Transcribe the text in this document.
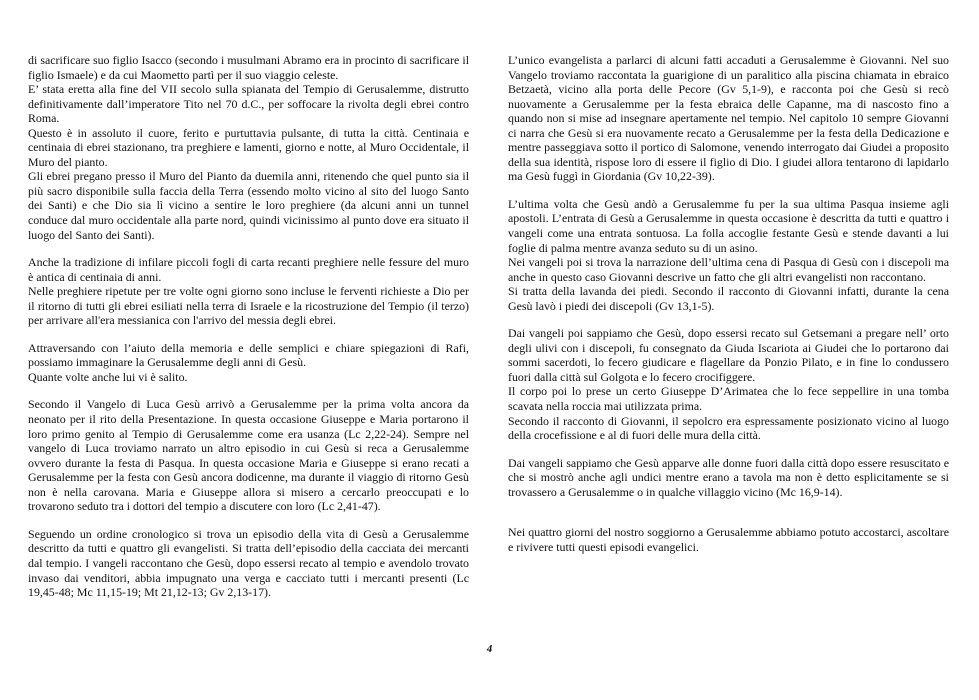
di sacrificare suo figlio Isacco (secondo i musulmani Abramo era in procinto di sacrificare il figlio Ismaele) e da cui Maometto partì per il suo viaggio celeste.

E’ stata eretta alla fine del VII secolo sulla spianata del Tempio di Gerusalemme, distrutto definitivamente dall’imperatore Tito nel 70 d.C., per soffocare la rivolta degli ebrei contro Roma.

Questo è in assoluto il cuore, ferito e purtuttavia pulsante, di tutta la città. Centinaia e centinaia di ebrei stazionano, tra preghiere e lamenti, giorno e notte, al Muro Occidentale, il Muro del pianto.

Gli ebrei pregano presso il Muro del Pianto da duemila anni, ritenendo che quel punto sia il più sacro disponibile sulla faccia della Terra (essendo molto vicino al sito del luogo Santo dei Santi) e che Dio sia lì vicino a sentire le loro preghiere (da alcuni anni un tunnel conduce dal muro occidentale alla parte nord, quindi vicinissimo al punto dove era situato il luogo del Santo dei Santi).

Anche la tradizione di infilare piccoli fogli di carta recanti preghiere nelle fessure del muro è antica di centinaia di anni.

Nelle preghiere ripetute per tre volte ogni giorno sono incluse le ferventi richieste a Dio per il ritorno di tutti gli ebrei esiliati nella terra di Israele e la ricostruzione del Tempio (il terzo) per arrivare all'era messianica con l'arrivo del messia degli ebrei.

Attraversando con l’aiuto della memoria e delle semplici e chiare spiegazioni di Rafi, possiamo immaginare la Gerusalemme degli anni di Gesù.

Quante volte anche lui vi è salito.

Secondo il Vangelo di Luca Gesù arrivò a Gerusalemme per la prima volta ancora da neonato per il rito della Presentazione. In questa occasione Giuseppe e Maria portarono il loro primo genito al Tempio di Gerusalemme come era usanza (Lc 2,22-24). Sempre nel vangelo di Luca troviamo narrato un altro episodio in cui Gesù si reca a Gerusalemme ovvero durante la festa di Pasqua. In questa occasione Maria e Giuseppe si erano recati a Gerusalemme per la festa con Gesù ancora dodicenne, ma durante il viaggio di ritorno Gesù non è nella carovana. Maria e Giuseppe allora si misero a cercarlo preoccupati e lo trovarono seduto tra i dottori del tempio a discutere con loro (Lc 2,41-47).

Seguendo un ordine cronologico si trova un episodio della vita di Gesù a Gerusalemme descritto da tutti e quattro gli evangelisti. Si tratta dell’episodio della cacciata dei mercanti dal tempio. I vangeli raccontano che Gesù, dopo essersi recato al tempio e avendolo trovato invaso dai venditori, abbia impugnato una verga e cacciato tutti i mercanti presenti (Lc 19,45-48; Mc 11,15-19; Mt 21,12-13; Gv 2,13-17).

L’unico evangelista a parlarci di alcuni fatti accaduti a Gerusalemme è Giovanni. Nel suo Vangelo troviamo raccontata la guarigione di un paralitico alla piscina chiamata in ebraico Betzaetà, vicino alla porta delle Pecore (Gv 5,1-9), e racconta poi che Gesù si recò nuovamente a Gerusalemme per la festa ebraica delle Capanne, ma di nascosto fino a quando non si mise ad insegnare apertamente nel tempio. Nel capitolo 10 sempre Giovanni ci narra che Gesù si era nuovamente recato a Gerusalemme per la festa della Dedicazione e mentre passeggiava sotto il portico di Salomone, venendo interrogato dai Giudei a proposito della sua identità, rispose loro di essere il figlio di Dio. I giudei allora tentarono di lapidarlo ma Gesù fuggì in Giordania (Gv 10,22-39).

L’ultima volta che Gesù andò a Gerusalemme fu per la sua ultima Pasqua insieme agli apostoli. L’entrata di Gesù a Gerusalemme in questa occasione è descritta da tutti e quattro i vangeli come una entrata sontuosa. La folla accoglie festante Gesù e stende davanti a lui foglie di palma mentre avanza seduto su di un asino.

Nei vangeli poi si trova la narrazione dell’ultima cena di Pasqua di Gesù con i discepoli ma anche in questo caso Giovanni descrive un fatto che gli altri evangelisti non raccontano.

Si tratta della lavanda dei piedi. Secondo il racconto di Giovanni infatti, durante la cena Gesù lavò i piedi dei discepoli (Gv 13,1-5).

Dai vangeli poi sappiamo che Gesù, dopo essersi recato sul Getsemani a pregare nell’ orto degli ulivi con i discepoli, fu consegnato da Giuda Iscariota ai Giudei che lo portarono dai sommi sacerdoti, lo fecero giudicare e flagellare da Ponzio Pilato, e in fine lo condussero fuori dalla città sul Golgota e lo fecero crocifiggere.

Il corpo poi lo prese un certo Giuseppe D’Arimatea che lo fece seppellire in una tomba scavata nella roccia mai utilizzata prima.

Secondo il racconto di Giovanni, il sepolcro era espressamente posizionato vicino al luogo della crocefissione e al di fuori delle mura della città.

Dai vangeli sappiamo che Gesù apparve alle donne fuori dalla città dopo essere resuscitato e che si mostrò anche agli undici mentre erano a tavola ma non è detto esplicitamente se si trovassero a Gerusalemme o in qualche villaggio vicino (Mc 16,9-14).

Nei quattro giorni del nostro soggiorno a Gerusalemme abbiamo potuto accostarci, ascoltare e rivivere tutti questi episodi evangelici.

4
